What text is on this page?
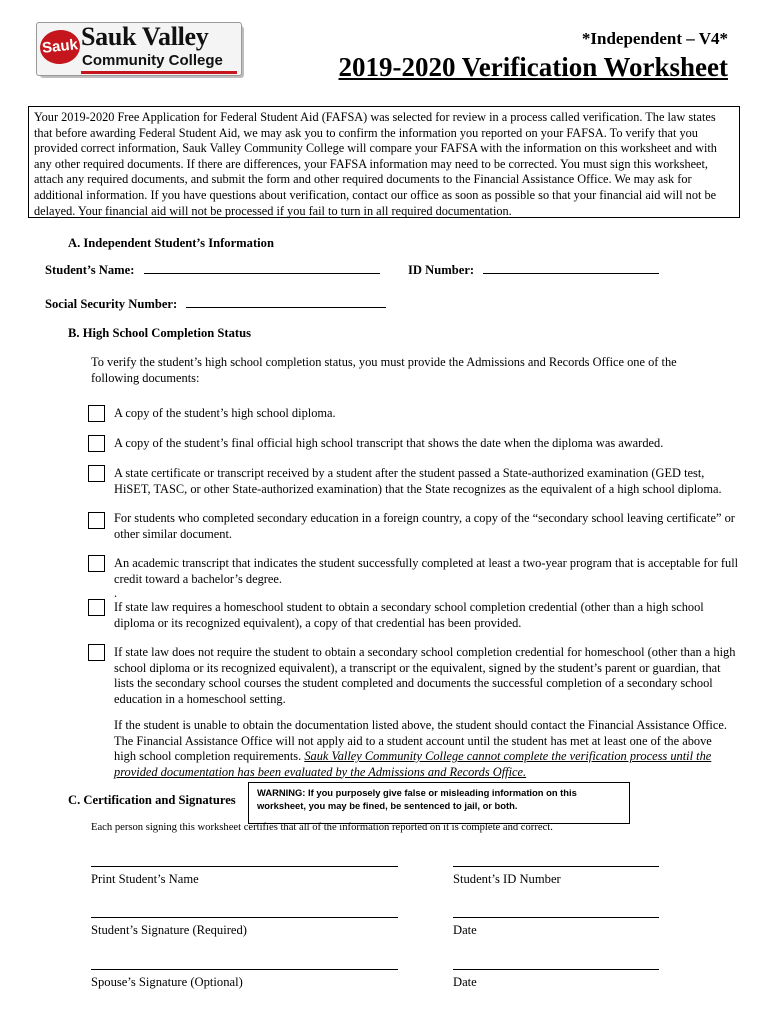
Sauk Sauk Valley
Community College
*Independent – V4*
2019-2020 Verification Worksheet
Your 2019-2020 Free Application for Federal Student Aid (FAFSA) was selected for review in a process called verification. The law states that before awarding Federal Student Aid, we may ask you to confirm the information you reported on your FAFSA. To verify that you provided correct information, Sauk Valley Community College will compare your FAFSA with the information on this worksheet and with any other required documents. If there are differences, your FAFSA information may need to be corrected. You must sign this worksheet, attach any required documents, and submit the form and other required documents to the Financial Assistance Office. We may ask for additional information. If you have questions about verification, contact our office as soon as possible so that your financial aid will not be delayed. Your financial aid will not be processed if you fail to turn in all required documentation.
A. Independent Student’s Information
Student’s Name:	ID Number:
Social Security Number:
B. High School Completion Status
To verify the student’s high school completion status, you must provide the Admissions and Records Office one of the following documents:
A copy of the student’s high school diploma.
A copy of the student’s final official high school transcript that shows the date when the diploma was awarded.
A state certificate or transcript received by a student after the student passed a State-authorized examination (GED test, HiSET, TASC, or other State-authorized examination) that the State recognizes as the equivalent of a high school diploma.
For students who completed secondary education in a foreign country, a copy of the “secondary school leaving certificate” or other similar document.
An academic transcript that indicates the student successfully completed at least a two-year program that is acceptable for full credit toward a bachelor’s degree.
.
If state law requires a homeschool student to obtain a secondary school completion credential (other than a high school diploma or its recognized equivalent), a copy of that credential has been provided.
If state law does not require the student to obtain a secondary school completion credential for homeschool (other than a high school diploma or its recognized equivalent), a transcript or the equivalent, signed by the student’s parent or guardian, that lists the secondary school courses the student completed and documents the successful completion of a secondary school education in a homeschool setting.
If the student is unable to obtain the documentation listed above, the student should contact the Financial Assistance Office. The Financial Assistance Office will not apply aid to a student account until the student has met at least one of the above high school completion requirements. Sauk Valley Community College cannot complete the verification process until the provided documentation has been evaluated by the Admissions and Records Office.
C. Certification and Signatures
WARNING: If you purposely give false or misleading information on this worksheet, you may be fined, be sentenced to jail, or both.
Each person signing this worksheet certifies that all of the information reported on it is complete and correct.
Print Student’s Name	Student’s ID Number
Student’s Signature (Required)	Date
Spouse’s Signature (Optional)	Date
